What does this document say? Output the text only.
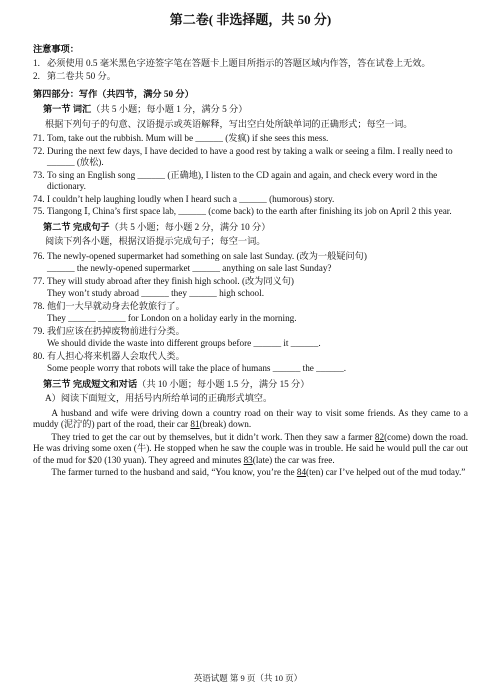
第二卷( 非选择题，共 50 分)
注意事项：
1. 必须使用 0.5 毫米黑色字迹签字笔在答题卡上题目所指示的答题区域内作答，答在试卷上无效。
2. 第二卷共 50 分。
第四部分：写作（共四节，满分 50 分）
第一节 词汇（共 5 小题；每小题 1 分，满分 5 分）
根据下列句子的句意、汉语提示或英语解释，写出空白处所缺单词的正确形式；每空一词。
71. Tom, take out the rubbish. Mum will be ______ (发疯) if she sees this mess.
72. During the next few days, I have decided to have a good rest by taking a walk or seeing a film. I really need to ______ (放松).
73. To sing an English song ______ (正确地), I listen to the CD again and again, and check every word in the dictionary.
74. I couldn’t help laughing loudly when I heard such a ______ (humorous) story.
75. Tiangong Ⅰ, China’s first space lab, ______ (come back) to the earth after finishing its job on April 2 this year.
第二节 完成句子（共 5 小题；每小题 2 分，满分 10 分）
阅读下列各小题，根据汉语提示完成句子；每空一词。
76. The newly-opened supermarket had something on sale last Sunday. (改为一般疑问句)
______ the newly-opened supermarket ______ anything on sale last Sunday?
77. They will study abroad after they finish high school. (改为同义句)
They won’t study abroad ______ they ______ high school.
78. 他们一大早就动身去伦敦旅行了。
They ______ ______ for London on a holiday early in the morning.
79. 我们应该在扔掉废物前进行分类。
We should divide the waste into different groups before ______ it ______.
80. 有人担心将来机器人会取代人类。
Some people worry that robots will take the place of humans ______ the ______.
第三节 完成短文和对话（共 10 小题；每小题 1.5 分，满分 15 分）
A）阅读下面短文，用括号内所给单词的正确形式填空。
A husband and wife were driving down a country road on their way to visit some friends. As they came to a muddy (泥泞的) part of the road, their car 81(break) down.
They tried to get the car out by themselves, but it didn’t work. Then they saw a farmer 82(come) down the road. He was driving some oxen (牛). He stopped when he saw the couple was in trouble. He said he would pull the car out of the mud for $20 (130 yuan). They agreed and minutes 83(late) the car was free.
The farmer turned to the husband and said, “You know, you’re the 84(ten) car I’ve helped out of the mud today.”
英语试题 第 9 页（共 10 页）
